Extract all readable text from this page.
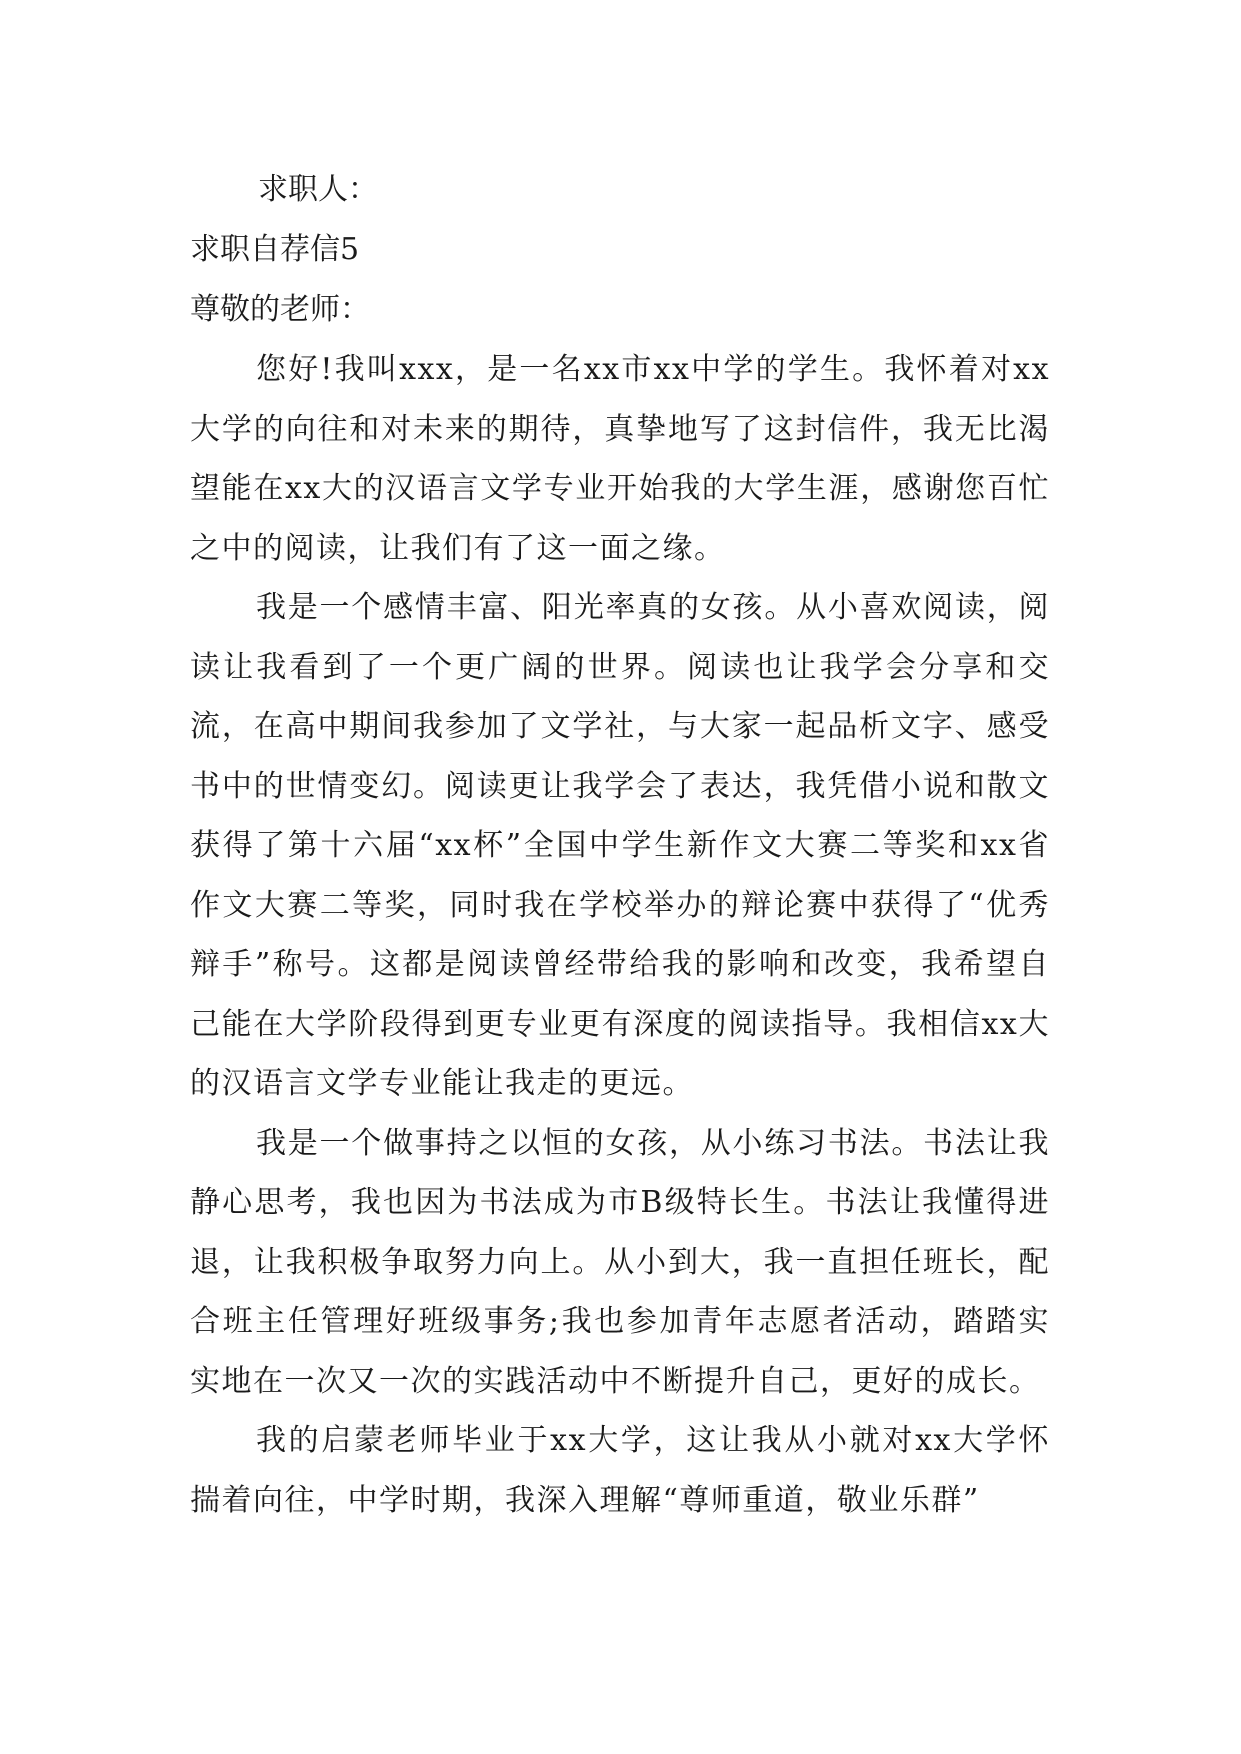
求职人：
求职自荐信5
尊敬的老师：

您好!我叫xxx，是一名xx市xx中学的学生。我怀着对xx大学的向往和对未来的期待，真挚地写了这封信件，我无比渴望能在xx大的汉语言文学专业开始我的大学生涯，感谢您百忙之中的阅读，让我们有了这一面之缘。

我是一个感情丰富、阳光率真的女孩。从小喜欢阅读，阅读让我看到了一个更广阔的世界。阅读也让我学会分享和交流，在高中期间我参加了文学社，与大家一起品析文字、感受书中的世情变幻。阅读更让我学会了表达，我凭借小说和散文获得了第十六届“xx杯”全国中学生新作文大赛二等奖和xx省作文大赛二等奖，同时我在学校举办的辩论赛中获得了“优秀辩手”称号。这都是阅读曾经带给我的影响和改变，我希望自己能在大学阶段得到更专业更有深度的阅读指导。我相信xx大的汉语言文学专业能让我走的更远。

我是一个做事持之以恒的女孩，从小练习书法。书法让我静心思考，我也因为书法成为市B级特长生。书法让我懂得进退，让我积极争取努力向上。从小到大，我一直担任班长，配合班主任管理好班级事务;我也参加青年志愿者活动，踏踏实实地在一次又一次的实践活动中不断提升自己，更好的成长。

我的启蒙老师毕业于xx大学，这让我从小就对xx大学怀揣着向往，中学时期，我深入理解“尊师重道，敬业乐群”
